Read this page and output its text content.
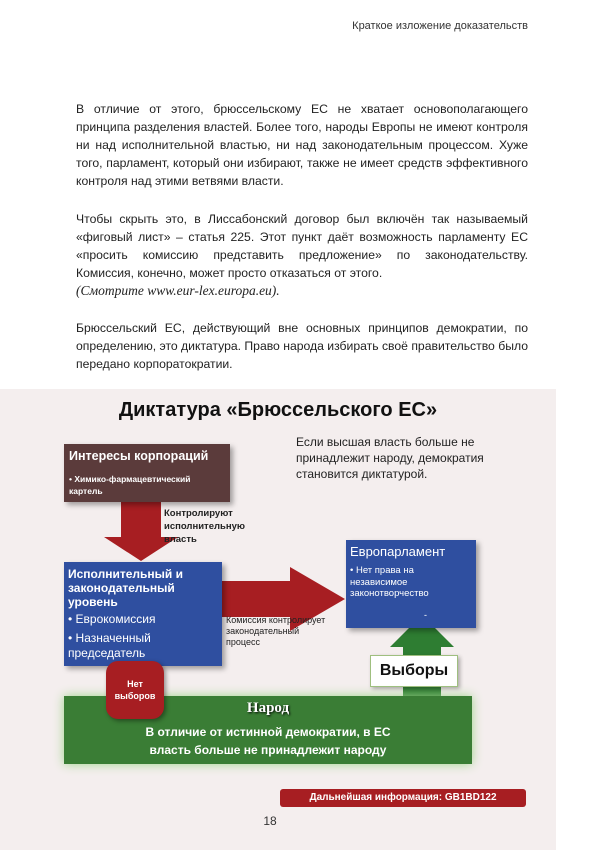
Краткое изложение доказательств

В отличие от этого, брюссельскому ЕС не хватает основополагающего принципа разделения властей. Более того, народы Европы не имеют контроля ни над исполнительной властью, ни над законодательным процессом. Хуже того, парламент, который они избирают, также не имеет средств эффективного контроля над этими ветвями власти.

Чтобы скрыть это, в Лиссабонский договор был включён так называемый «фиговый лист» – статья 225. Этот пункт даёт возможность парламенту ЕС «просить комиссию представить предложение» по законодательству. Комиссия, конечно, может просто отказаться от этого.

(Смотрите www.eur-lex.europa.eu).

Брюссельский ЕС, действующий вне основных принципов демократии, по определению, это диктатура. Право народа избирать своё правительство было передано корпоратократии.

Диктатура «Брюссельского ЕС»
Если высшая власть больше не принадлежит народу, демократия становится диктатурой.
Интересы корпораций
• Химико-фармацевтический картель
Контролируют исполнительную власть
Исполнительный и законодательный уровень
• Еврокомиссия
• Назначенный председатель
Комиссия контролирует законодательный процесс
Европарламент
• Нет права на независимое законотворчество
-
Выборы
Народ
В отличие от истинной демократии, в ЕС власть больше не принадлежит народу
Нет выборов
Дальнейшая информация: GB1BD122
18
